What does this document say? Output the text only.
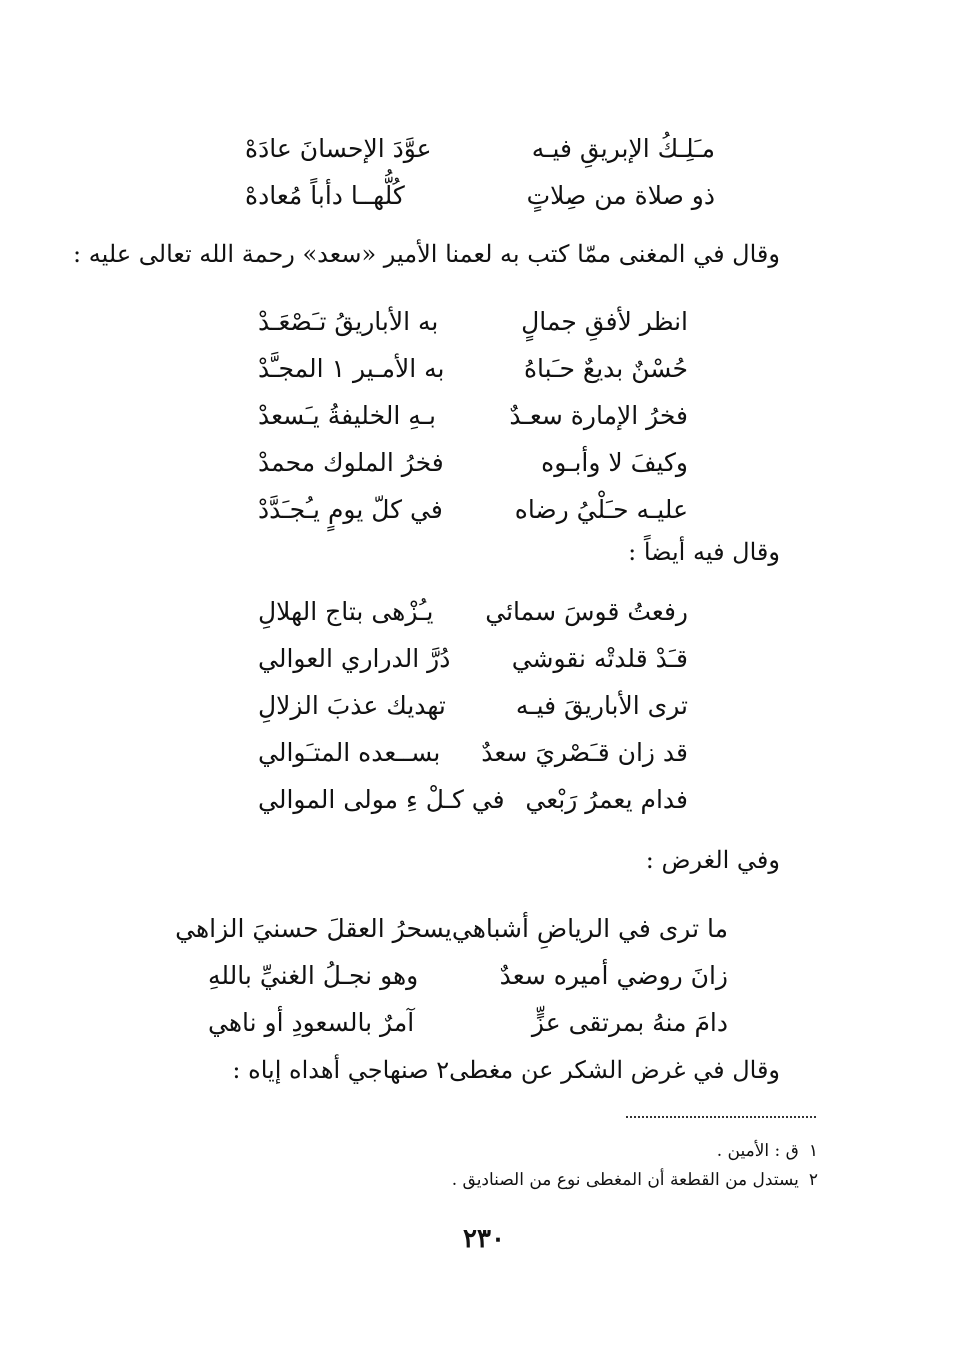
مـَلِـكُ الإبريقِ فيـه
عوَّدَ الإحسانَ عادَهْ
ذو صلاة من صِلاتٍ
كُلُّهــا دأباً مُعادهْ
وقال في المغنى ممّا كتب به لعمنا الأمير «سعد» رحمة الله تعالى عليه :
انظر لأفقِ جمالٍ
به الأباريقُ تـَصْعَـدْ
حُسْنٌ بديعٌ حـَباهُ
به الأمـير ١ المجـَّدْ
فخرُ الإمارة سعـدٌ
بـهِ الخليفةُ يـَسعدْ
وكيفَ لا وأبـوه
فخرُ الملوك محمدْ
عليـه حـَلْيُ رضاه
في كلّ يومٍ يـُجـَدَّدْ
وقال فيه أيضاً :
رفعتُ قوسَ سمائي
يـُزْهى بتاج الهلالِ
قـَدْ قلدتْه نقوشي
دُرَّ الدراري العوالي
ترى الأباريقَ فيـه
تهديك عذبَ الزلالِ
قد زان قـَصْريَ سعدٌ
بســعده المتـَوالي
فدام يعمرُ رَبْعي
في كـلْ ءِ مولى الموالي
وفي الغرض :
ما ترى في الرياضِ أشباهي
يسحرُ العقلَ حسنيَ الزاهي
زانَ روضي أميره سعدٌ
وهو نجـلُ الغنيِّ باللهِ
دامَ منهُ بمرتقى عزٍّ
آمرٌ بالسعودِ أو ناهي
وقال في غرض الشكر عن مغطى٢ صنهاجي أهداه إياه :
١ق : الأمين .
٢يستدل من القطعة أن المغطى نوع من الصناديق .
٢٣٠
